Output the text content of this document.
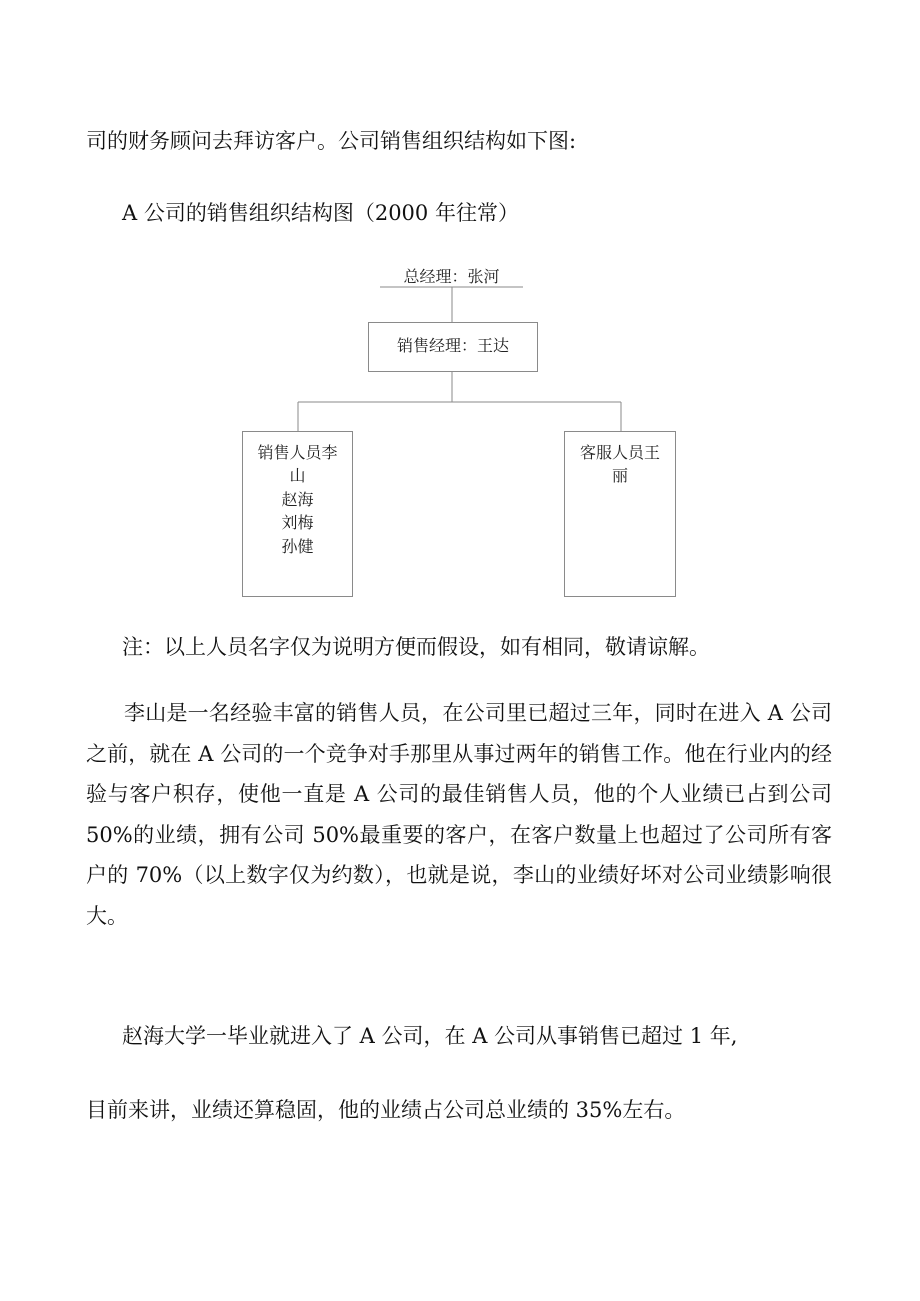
司的财务顾问去拜访客户。公司销售组织结构如下图:

A 公司的销售组织结构图（2000 年往常）

总经理：张河
销售经理：王达
销售人员李山
赵海
刘梅
孙健
客服人员王丽

注：以上人员名字仅为说明方便而假设，如有相同，敬请谅解。

李山是一名经验丰富的销售人员，在公司里已超过三年，同时在进入 A 公司之前，就在 A 公司的一个竞争对手那里从事过两年的销售工作。他在行业内的经验与客户积存，使他一直是 A 公司的最佳销售人员，他的个人业绩已占到公司 50%的业绩，拥有公司 50%最重要的客户，在客户数量上也超过了公司所有客户的 70%（以上数字仅为约数），也就是说，李山的业绩好坏对公司业绩影响很大。

赵海大学一毕业就进入了 A 公司，在 A 公司从事销售已超过 1 年,

目前来讲，业绩还算稳固，他的业绩占公司总业绩的 35%左右。
